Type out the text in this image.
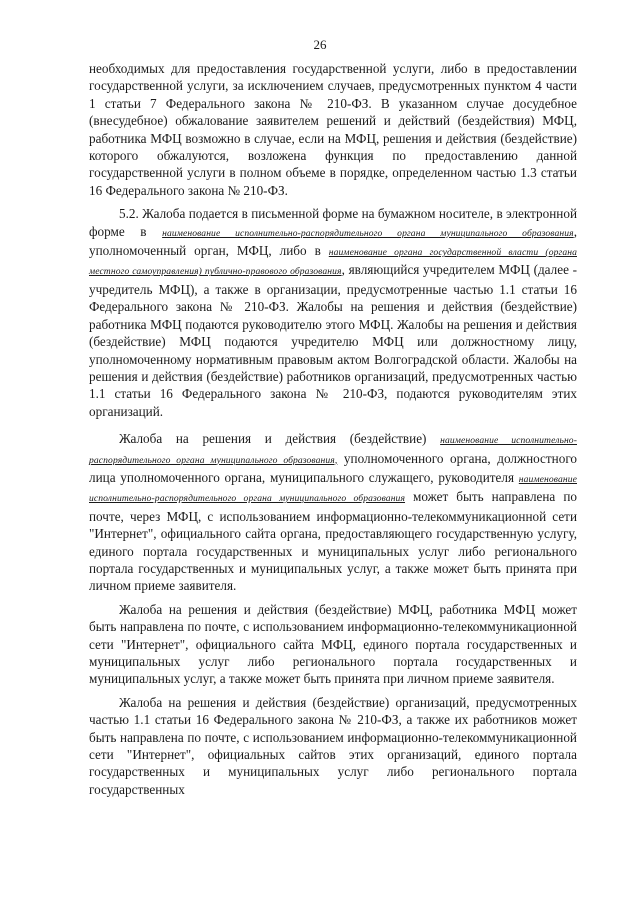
26

необходимых для предоставления государственной услуги, либо в предоставлении государственной услуги, за исключением случаев, предусмотренных пунктом 4 части 1 статьи 7 Федерального закона № 210-ФЗ. В указанном случае досудебное (внесудебное) обжалование заявителем решений и действий (бездействия) МФЦ, работника МФЦ возможно в случае, если на МФЦ, решения и действия (бездействие) которого обжалуются, возложена функция по предоставлению данной государственной услуги в полном объеме в порядке, определенном частью 1.3 статьи 16 Федерального закона № 210-ФЗ.

5.2. Жалоба подается в письменной форме на бумажном носителе, в электронной форме в наименование исполнительно-распорядительного органа муниципального образования, уполномоченный орган, МФЦ, либо в наименование органа государственной власти (органа местного самоуправления) публично-правового образования, являющийся учредителем МФЦ (далее - учредитель МФЦ), а также в организации, предусмотренные частью 1.1 статьи 16 Федерального закона № 210-ФЗ. Жалобы на решения и действия (бездействие) работника МФЦ подаются руководителю этого МФЦ. Жалобы на решения и действия (бездействие) МФЦ подаются учредителю МФЦ или должностному лицу, уполномоченному нормативным правовым актом Волгоградской области. Жалобы на решения и действия (бездействие) работников организаций, предусмотренных частью 1.1 статьи 16 Федерального закона № 210-ФЗ, подаются руководителям этих организаций.

Жалоба на решения и действия (бездействие) наименование исполнительно-распорядительного органа муниципального образования, уполномоченного органа, должностного лица уполномоченного органа, муниципального служащего, руководителя наименование исполнительно-распорядительного органа муниципального образования может быть направлена по почте, через МФЦ, с использованием информационно-телекоммуникационной сети "Интернет", официального сайта органа, предоставляющего государственную услугу, единого портала государственных и муниципальных услуг либо регионального портала государственных и муниципальных услуг, а также может быть принята при личном приеме заявителя.

Жалоба на решения и действия (бездействие) МФЦ, работника МФЦ может быть направлена по почте, с использованием информационно-телекоммуникационной сети "Интернет", официального сайта МФЦ, единого портала государственных и муниципальных услуг либо регионального портала государственных и муниципальных услуг, а также может быть принята при личном приеме заявителя.

Жалоба на решения и действия (бездействие) организаций, предусмотренных частью 1.1 статьи 16 Федерального закона № 210-ФЗ, а также их работников может быть направлена по почте, с использованием информационно-телекоммуникационной сети "Интернет", официальных сайтов этих организаций, единого портала государственных и муниципальных услуг либо регионального портала государственных
